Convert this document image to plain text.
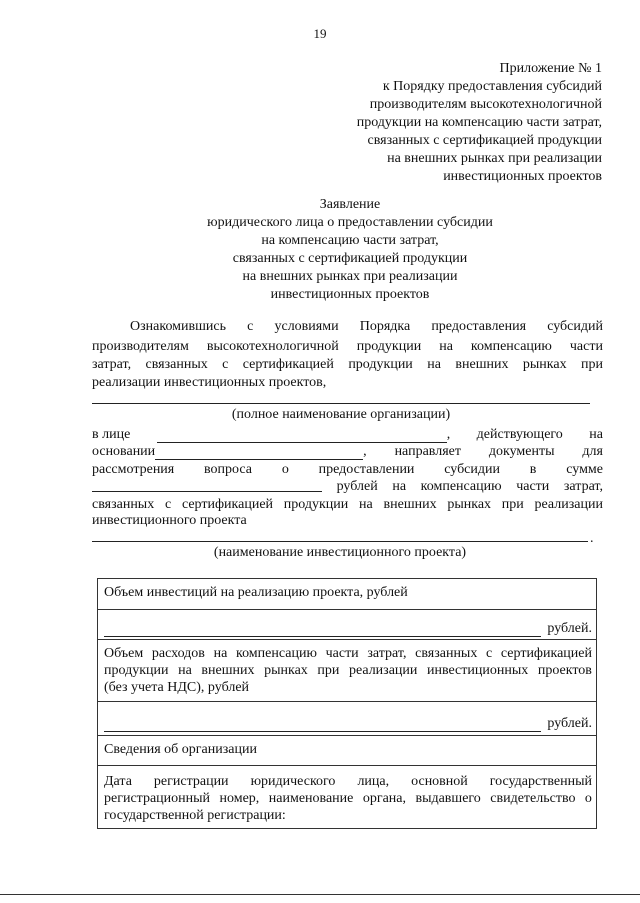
19
Приложение № 1
к Порядку предоставления субсидий
производителям высокотехнологичной
продукции на компенсацию части затрат,
связанных с сертификацией продукции
на внешних рынках при реализации
инвестиционных проектов
Заявление
юридического лица о предоставлении субсидии
на компенсацию части затрат,
связанных с сертификацией продукции
на внешних рынках при реализации
инвестиционных проектов
Ознакомившись с условиями Порядка предоставления субсидий
производителям высокотехнологичной продукции на компенсацию части
затрат, связанных с сертификацией продукции на внешних рынках при
реализации инвестиционных проектов,
(полное наименование организации)
в лице	, действующего на
основании	, направляет документы для
рассмотрения вопроса о предоставлении субсидии в сумме
рублей на компенсацию части затрат,
связанных с сертификацией продукции на внешних рынках при реализации
инвестиционного проекта
.
(наименование инвестиционного проекта)
Объем инвестиций на реализацию проекта, рублей
рублей.
Объем расходов на компенсацию части затрат, связанных с сертификацией
продукции на внешних рынках при реализации инвестиционных проектов
(без учета НДС), рублей
рублей.
Сведения об организации
Дата регистрации юридического лица, основной государственный
регистрационный номер, наименование органа, выдавшего свидетельство о
государственной регистрации:
